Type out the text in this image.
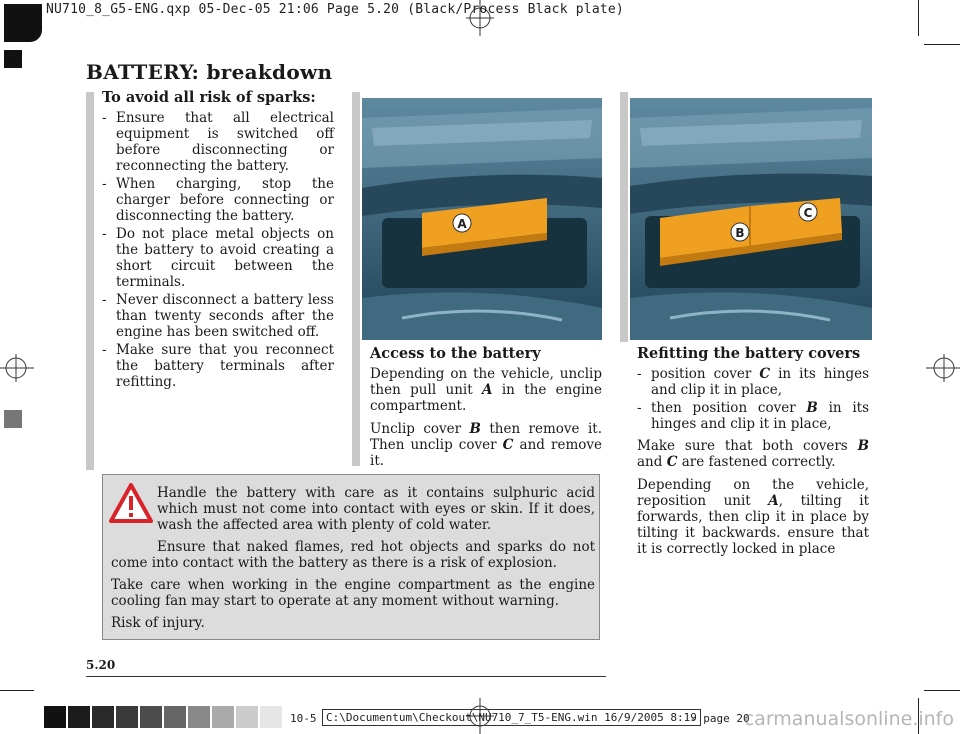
NU710_8_G5-ENG.qxp 05-Dec-05 21:06 Page 5.20 (Black/Process Black plate)
BATTERY: breakdown
To avoid all risk of sparks:
- Ensure that all electrical equipment is switched off before disconnecting or reconnecting the battery.
- When charging, stop the charger before connecting or disconnecting the battery.
- Do not place metal objects on the battery to avoid creating a short circuit between the terminals.
- Never disconnect a battery less than twenty seconds after the engine has been switched off.
- Make sure that you reconnect the battery terminals after refitting.
A
B
C
Access to the battery

Depending on the vehicle, unclip then pull unit A in the engine compartment.

Unclip cover B then remove it. Then unclip cover C and remove it.

Refitting the battery covers
- position cover C in its hinges and clip it in place,
- then position cover B in its hinges and clip it in place,

Make sure that both covers B and C are fastened correctly.

Depending on the vehicle, reposition unit A, tilting it forwards, then clip it in place by tilting it backwards. ensure that it is correctly locked in place

Handle the battery with care as it contains sulphuric acid which must not come into contact with eyes or skin. If it does, wash the affected area with plenty of cold water.

Ensure that naked flames, red hot objects and sparks do not come into contact with the battery as there is a risk of explosion.

Take care when working in the engine compartment as the engine cooling fan may start to operate at any moment without warning.

Risk of injury.

5.20
10-5 C:\Documentum\Checkout\NU710_7_T5-ENG.win 16/9/2005 8:19
- page 20
carmanualsonline.info
